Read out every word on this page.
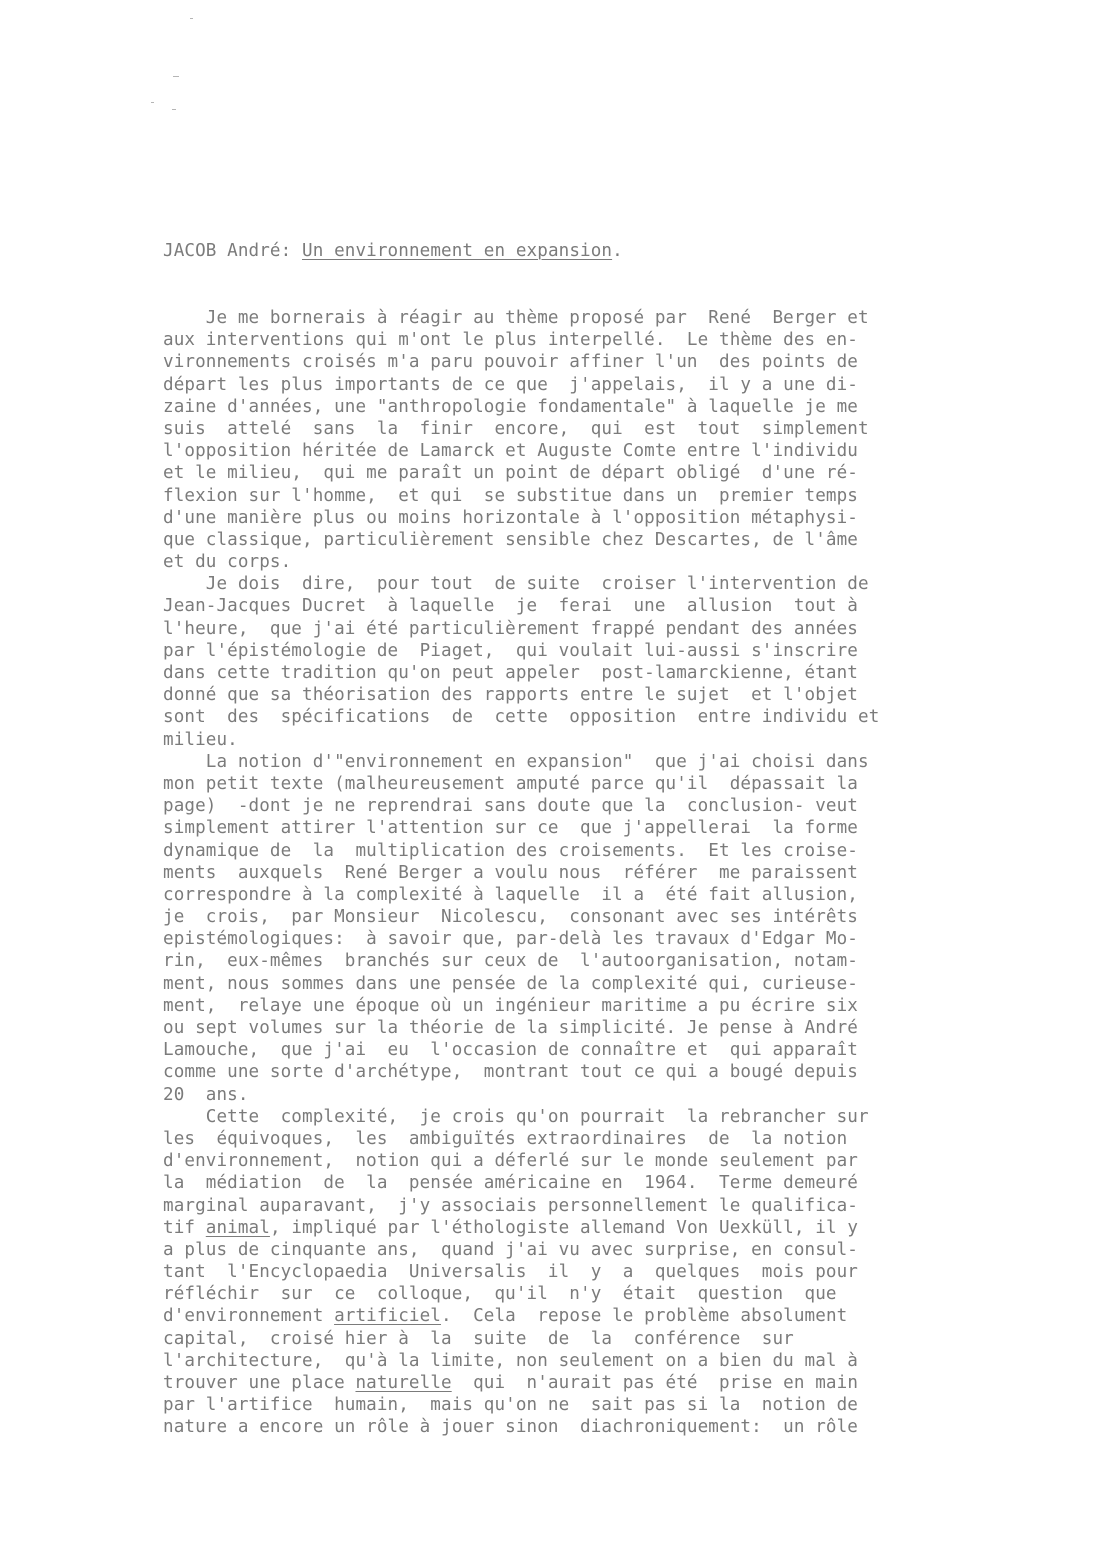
JACOB André: Un environnement en expansion.
Je me bornerais à réagir au thème proposé par  René  Berger et
aux interventions qui m'ont le plus interpellé.  Le thème des en-
vironnements croisés m'a paru pouvoir affiner l'un  des points de
départ les plus importants de ce que  j'appelais,  il y a une di-
zaine d'années, une "anthropologie fondamentale" à laquelle je me
suis  attelé  sans  la  finir  encore,  qui  est  tout  simplement
l'opposition héritée de Lamarck et Auguste Comte entre l'individu
et le milieu,  qui me paraît un point de départ obligé  d'une ré-
flexion sur l'homme,  et qui  se substitue dans un  premier temps
d'une manière plus ou moins horizontale à l'opposition métaphysi-
que classique, particulièrement sensible chez Descartes, de l'âme
et du corps.
Je dois  dire,  pour tout  de suite  croiser l'intervention de
Jean-Jacques Ducret  à laquelle  je  ferai  une  allusion  tout à
l'heure,  que j'ai été particulièrement frappé pendant des années
par l'épistémologie de  Piaget,  qui voulait lui-aussi s'inscrire
dans cette tradition qu'on peut appeler  post-lamarckienne, étant
donné que sa théorisation des rapports entre le sujet  et l'objet
sont  des  spécifications  de  cette  opposition  entre individu et
milieu.
La notion d'"environnement en expansion"  que j'ai choisi dans
mon petit texte (malheureusement amputé parce qu'il  dépassait la
page)  -dont je ne reprendrai sans doute que la  conclusion- veut
simplement attirer l'attention sur ce  que j'appellerai  la forme
dynamique de  la  multiplication des croisements.  Et les croise-
ments  auxquels  René Berger a voulu nous  référer  me paraissent
correspondre à la complexité à laquelle  il a  été fait allusion,
je  crois,  par Monsieur  Nicolescu,  consonant avec ses intérêts
epistémologiques:  à savoir que, par-delà les travaux d'Edgar Mo-
rin,  eux-mêmes  branchés sur ceux de  l'autoorganisation, notam-
ment, nous sommes dans une pensée de la complexité qui, curieuse-
ment,  relaye une époque où un ingénieur maritime a pu écrire six
ou sept volumes sur la théorie de la simplicité. Je pense à André
Lamouche,  que j'ai  eu  l'occasion de connaître et  qui apparaît
comme une sorte d'archétype,  montrant tout ce qui a bougé depuis
20  ans.
Cette  complexité,  je crois qu'on pourrait  la rebrancher sur
les  équivoques,  les  ambiguïtés extraordinaires  de  la notion
d'environnement,  notion qui a déferlé sur le monde seulement par
la  médiation  de  la  pensée américaine en  1964.  Terme demeuré
marginal auparavant,  j'y associais personnellement le qualifica-
tif animal, impliqué par l'éthologiste allemand Von Uexküll, il y
a plus de cinquante ans,  quand j'ai vu avec surprise, en consul-
tant  l'Encyclopaedia  Universalis  il  y  a  quelques  mois pour
réfléchir  sur  ce  colloque,  qu'il  n'y  était  question  que
d'environnement artificiel.  Cela  repose le problème absolument
capital,  croisé hier à  la  suite  de  la  conférence  sur
l'architecture,  qu'à la limite, non seulement on a bien du mal à
trouver une place naturelle  qui  n'aurait pas été  prise en main
par l'artifice  humain,  mais qu'on ne  sait pas si la  notion de
nature a encore un rôle à jouer sinon  diachroniquement:  un rôle
